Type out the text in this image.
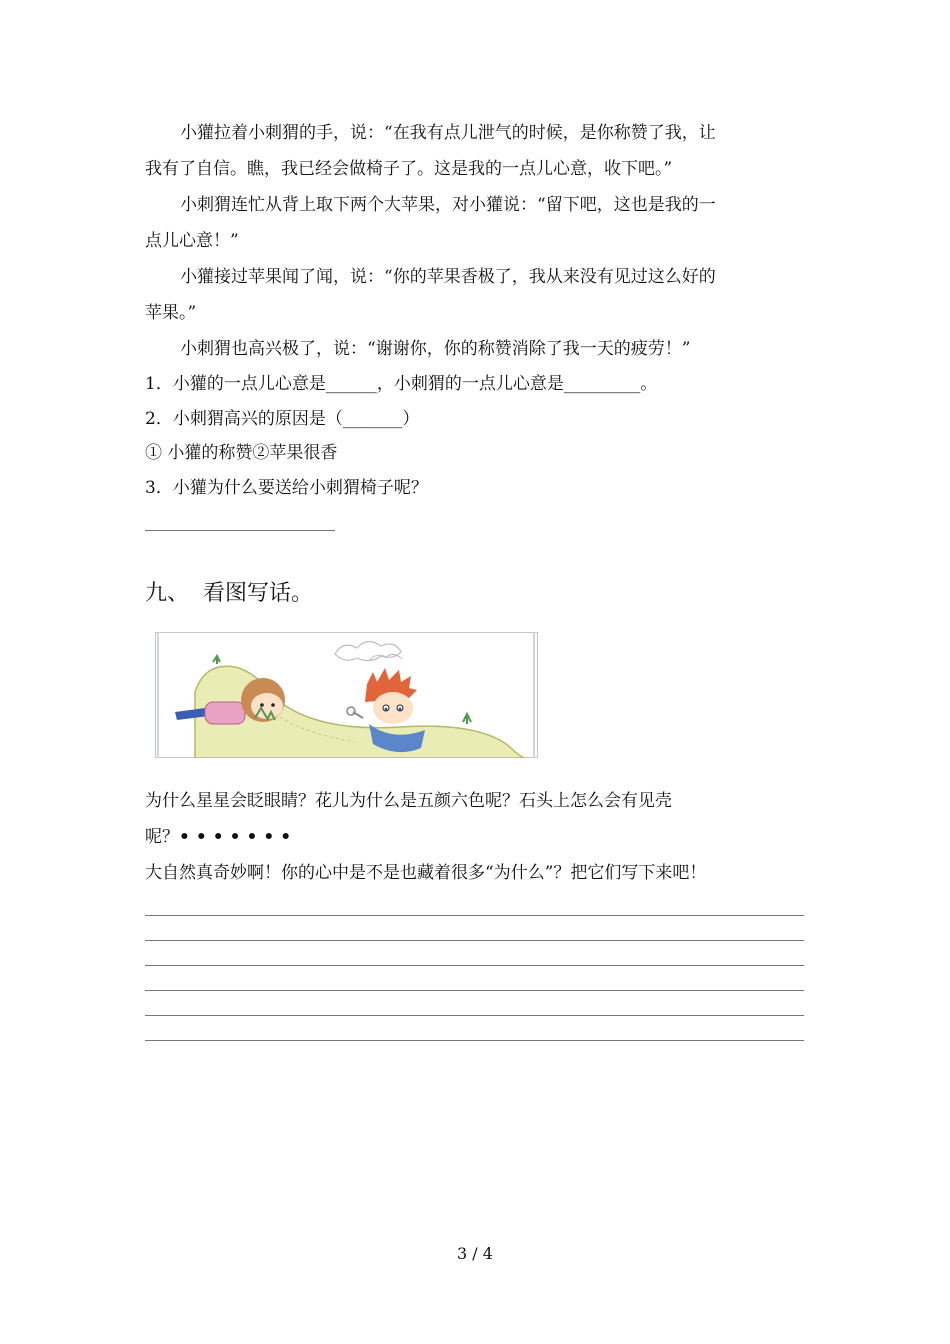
小獾拉着小刺猬的手，说：“在我有点儿泄气的时候，是你称赞了我，让
我有了自信。瞧，我已经会做椅子了。这是我的一点儿心意，收下吧。”
小刺猬连忙从背上取下两个大苹果，对小獾说：“留下吧，这也是我的一
点儿心意！”
小獾接过苹果闻了闻，说：“你的苹果香极了，我从来没有见过这么好的
苹果。”
小刺猬也高兴极了，说：“谢谢你，你的称赞消除了我一天的疲劳！”
1．小獾的一点儿心意是______，小刺猬的一点儿心意是_________。
2．小刺猬高兴的原因是（_______）
① 小獾的称赞②苹果很香
3．小獾为什么要送给小刺猬椅子呢？
九、 看图写话。
为什么星星会眨眼睛？花儿为什么是五颜六色呢？石头上怎么会有见壳
呢？•••••••
大自然真奇妙啊！你的心中是不是也藏着很多“为什么”？把它们写下来吧！
3 / 4
